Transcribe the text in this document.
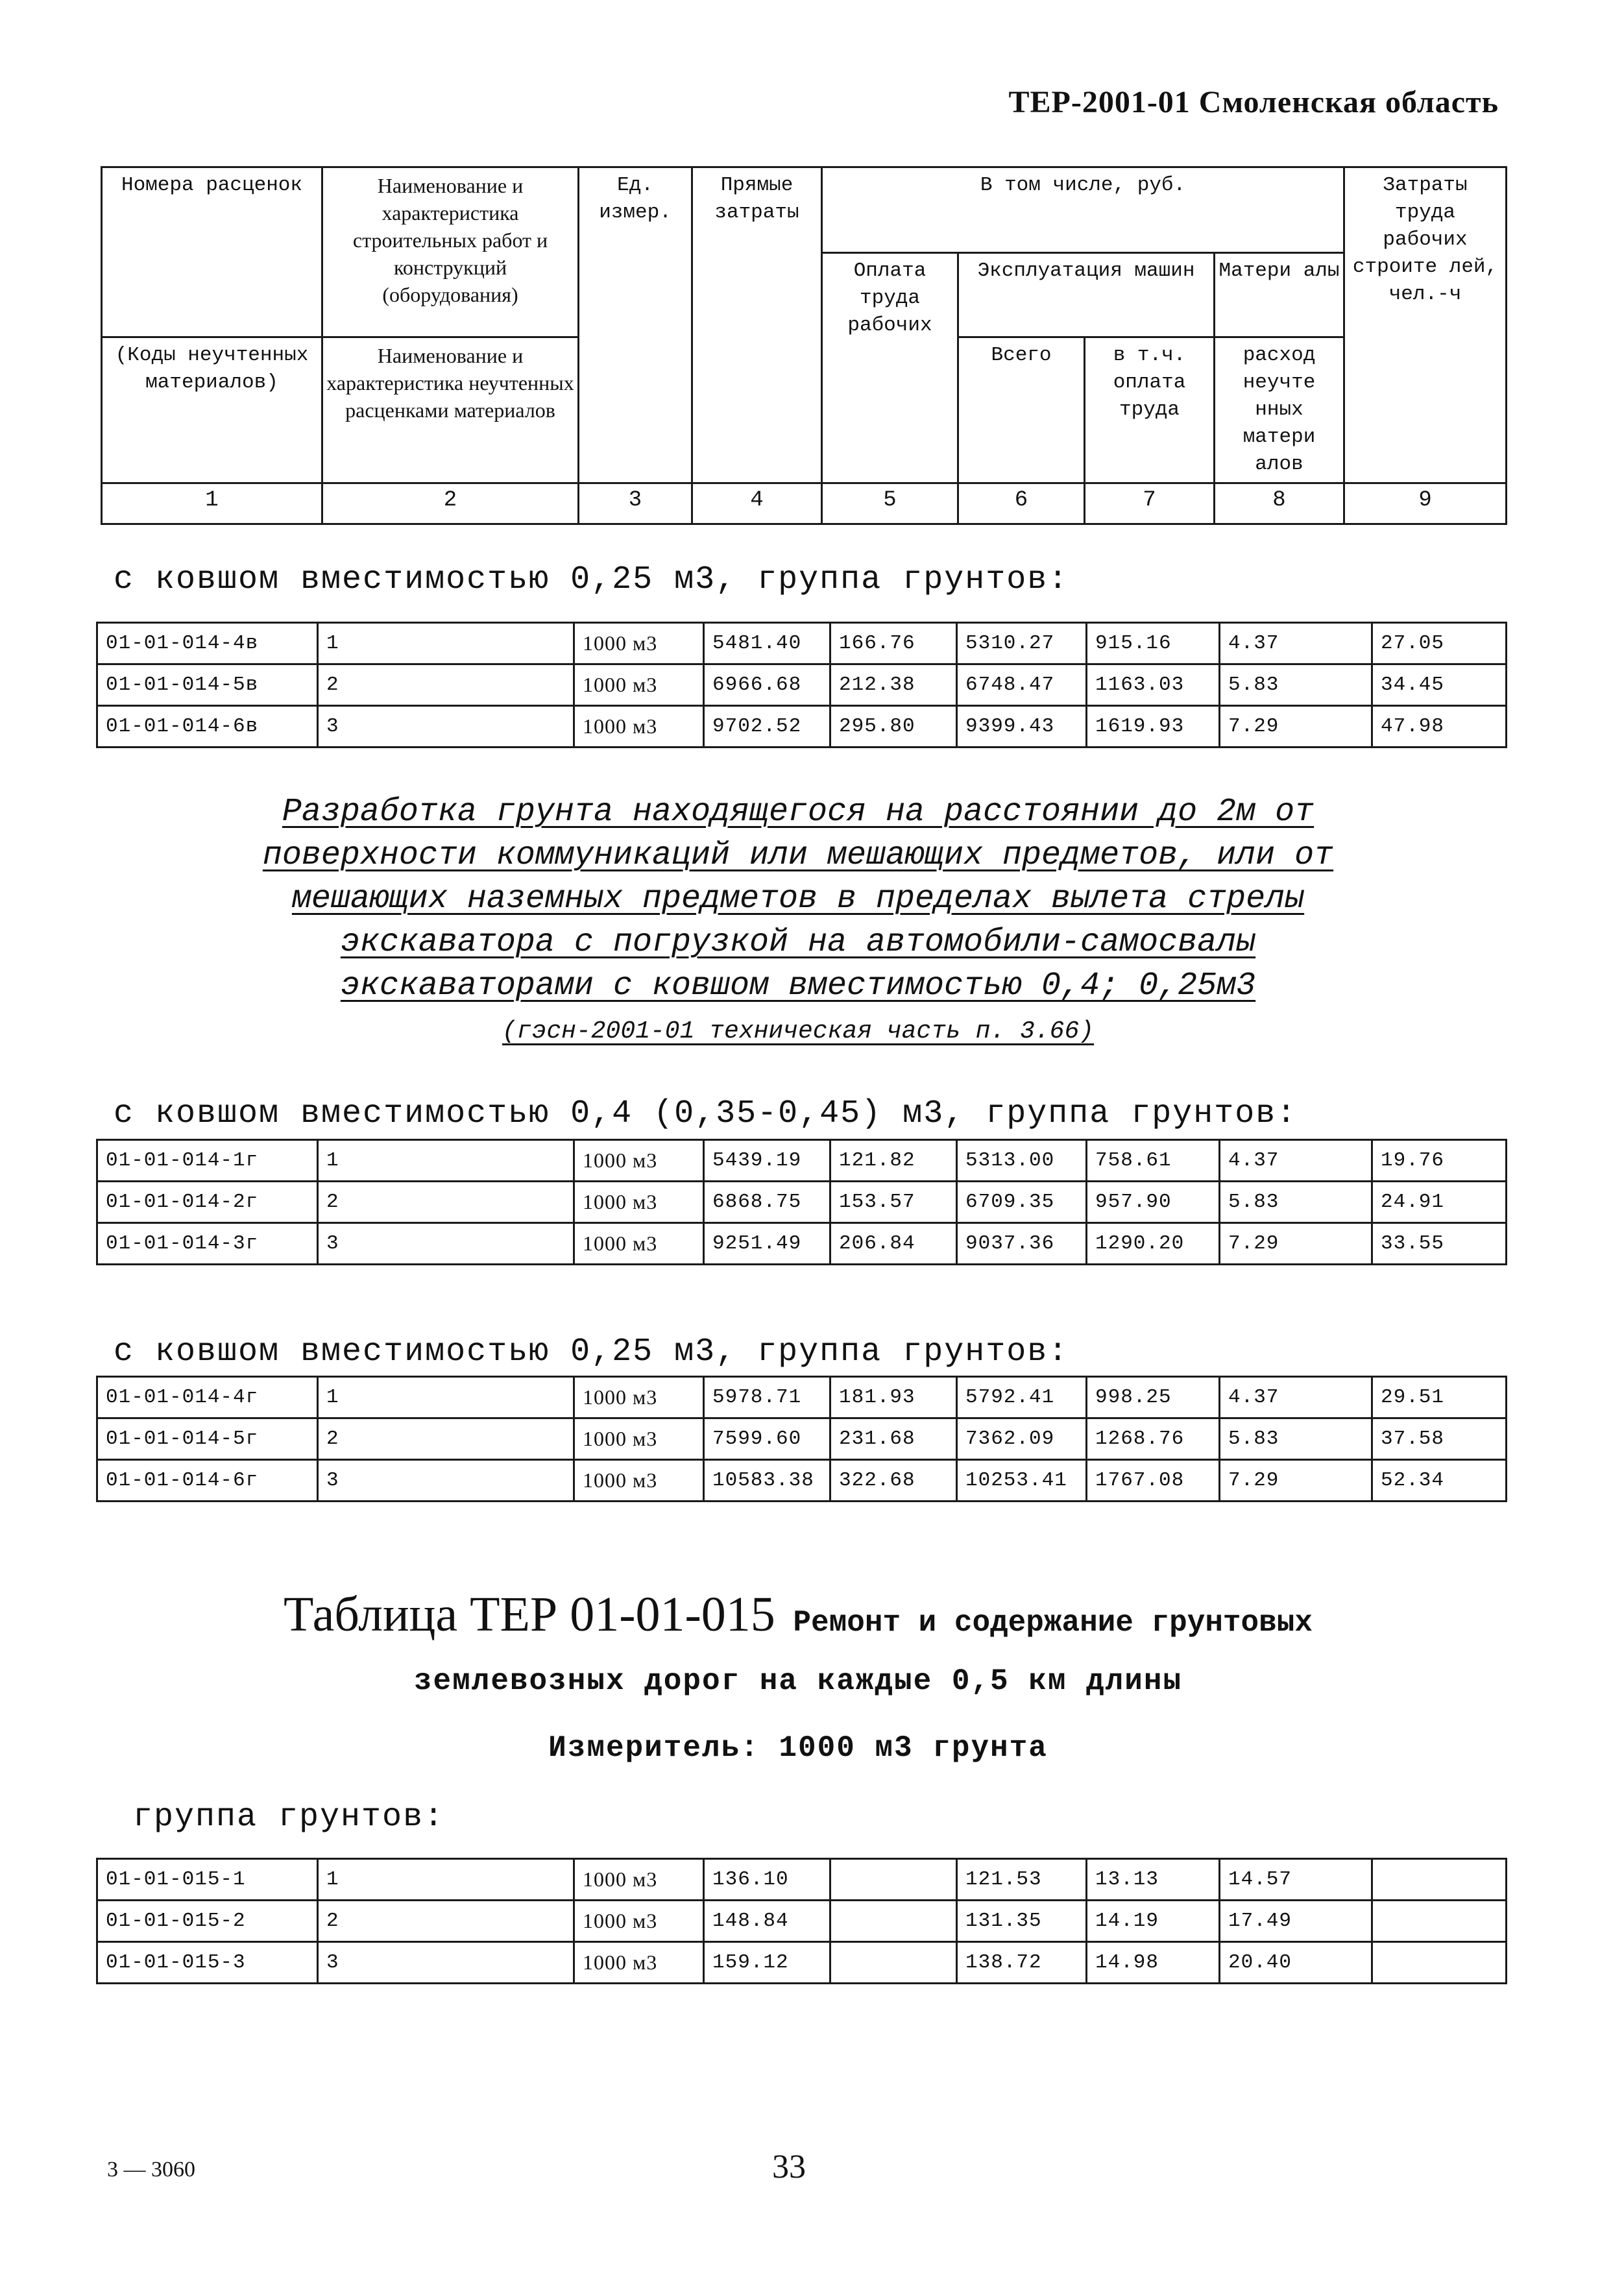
ТЕР-2001-01 Смоленская область
Номера расценок	Наименование и характеристика строительных работ и конструкций (оборудования)	Ед. измер.	Прямые затраты	В том числе, руб.				Затраты труда рабочих строите лей, чел.-ч
				Оплата труда рабочих	Эксплуатация машин		Матери алы	
(Коды неучтенных материалов)	Наименование и характеристика неучтенных расценками материалов				Всего	в т.ч. оплата труда	расход неучте нных матери алов	
1	2	3	4	5	6	7	8	9
с ковшом вместимостью 0,25 м3, группа грунтов:
01-01-014-4в	1	1000 м3	5481.40	166.76	5310.27	915.16	4.37	27.05
01-01-014-5в	2	1000 м3	6966.68	212.38	6748.47	1163.03	5.83	34.45
01-01-014-6в	3	1000 м3	9702.52	295.80	9399.43	1619.93	7.29	47.98
Разработка грунта находящегося на расстоянии до 2м от
поверхности коммуникаций или мешающих предметов, или от
мешающих наземных предметов в пределах вылета стрелы
экскаватора с погрузкой на автомобили-самосвалы
экскаваторами с ковшом вместимостью 0,4; 0,25м3
(гэсн-2001-01 техническая часть п. 3.66)
с ковшом вместимостью 0,4 (0,35-0,45) м3, группа грунтов:
01-01-014-1г	1	1000 м3	5439.19	121.82	5313.00	758.61	4.37	19.76
01-01-014-2г	2	1000 м3	6868.75	153.57	6709.35	957.90	5.83	24.91
01-01-014-3г	3	1000 м3	9251.49	206.84	9037.36	1290.20	7.29	33.55
с ковшом вместимостью 0,25 м3, группа грунтов:
01-01-014-4г	1	1000 м3	5978.71	181.93	5792.41	998.25	4.37	29.51
01-01-014-5г	2	1000 м3	7599.60	231.68	7362.09	1268.76	5.83	37.58
01-01-014-6г	3	1000 м3	10583.38	322.68	10253.41	1767.08	7.29	52.34
Таблица ТЕР 01-01-015 Ремонт и содержание грунтовых
землевозных дорог на каждые 0,5 км длины
Измеритель: 1000 м3 грунта
группа грунтов:
01-01-015-1	1	1000 м3	136.10		121.53	13.13	14.57	
01-01-015-2	2	1000 м3	148.84		131.35	14.19	17.49	
01-01-015-3	3	1000 м3	159.12		138.72	14.98	20.40	
3 — 3060	33
